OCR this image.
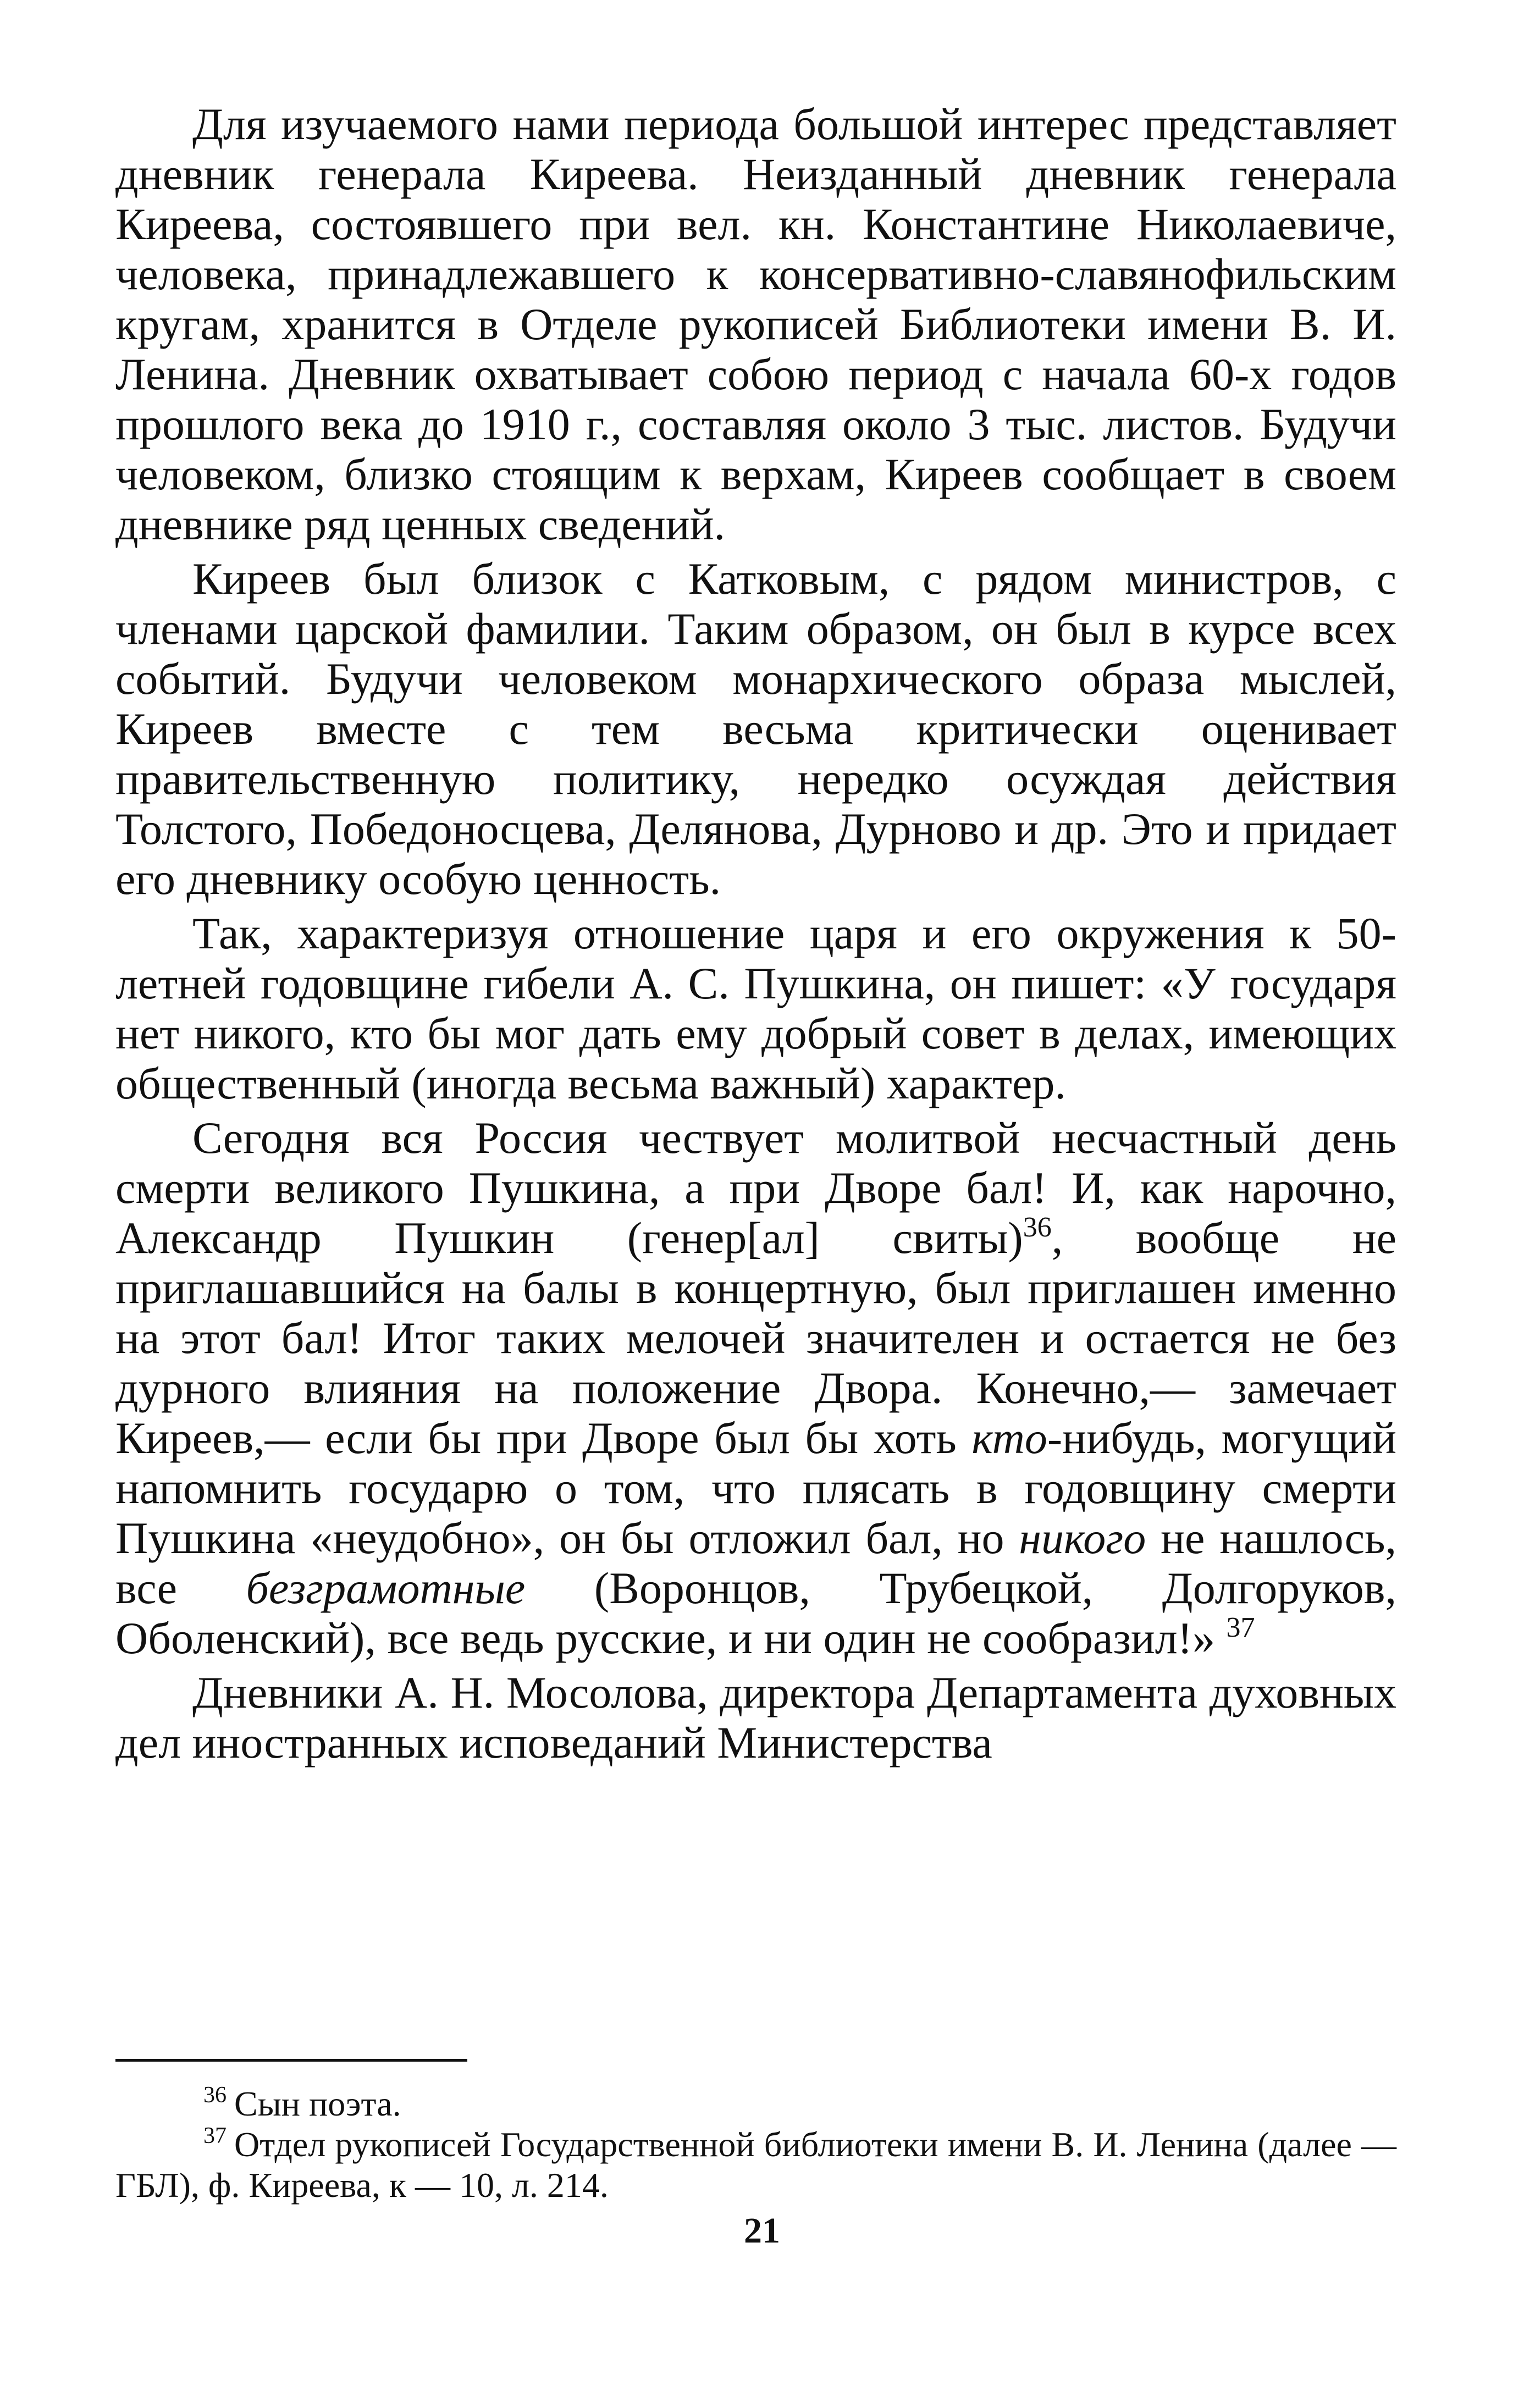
Для изучаемого нами периода большой интерес представляет дневник генерала Киреева. Неизданный дневник генерала Киреева, состоявшего при вел. кн. Константине Николаевиче, человека, принадлежавшего к консервативно-славянофильским кругам, хранится в Отделе рукописей Библиотеки имени В. И. Ленина. Дневник охватывает собою период с начала 60-х годов прошлого века до 1910 г., составляя около 3 тыс. листов. Будучи человеком, близко стоящим к верхам, Киреев сообщает в своем дневнике ряд ценных сведений.

Киреев был близок с Катковым, с рядом министров, с членами царской фамилии. Таким образом, он был в курсе всех событий. Будучи человеком монархического образа мыслей, Киреев вместе с тем весьма критически оценивает правительственную политику, нередко осуждая действия Толстого, Победоносцева, Делянова, Дурново и др. Это и придает его дневнику особую ценность.

Так, характеризуя отношение царя и его окружения к 50-летней годовщине гибели А. С. Пушкина, он пишет: «У государя нет никого, кто бы мог дать ему добрый совет в делах, имеющих общественный (иногда весьма важный) характер.

Сегодня вся Россия чествует молитвой несчастный день смерти великого Пушкина, а при Дворе бал! И, как нарочно, Александр Пушкин (генер[ал] свиты)$^{36}$, вообще не приглашавшийся на балы в концертную, был приглашен именно на этот бал! Итог таких мелочей значителен и остается не без дурного влияния на положение Двора. Конечно,— замечает Киреев,— если бы при Дворе был бы хоть кто-нибудь, могущий напомнить государю о том, что плясать в годовщину смерти Пушкина «неудобно», он бы отложил бал, но никого не нашлось, все безграмотные (Воронцов, Трубецкой, Долгоруков, Оболенский), все ведь русские, и ни один не сообразил!» $^{37}$

Дневники А. Н. Мосолова, директора Департамента духовных дел иностранных исповеданий Министерства

$^{36}$ Сын поэта.

$^{37}$ Отдел рукописей Государственной библиотеки имени В. И. Ленина (далее — ГБЛ), ф. Киреева, к — 10, л. 214.

21
